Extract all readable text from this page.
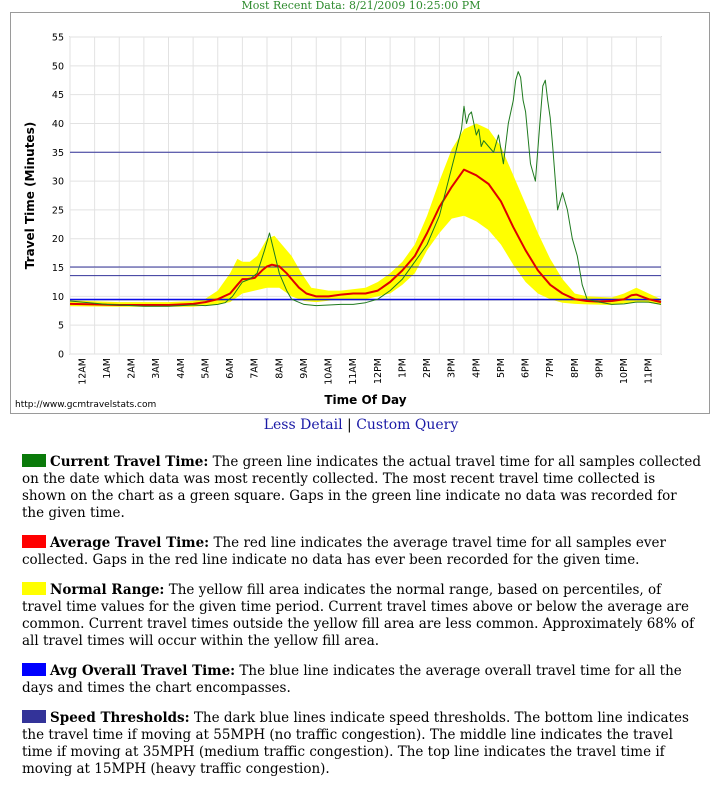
Most Recent Data: 8/21/2009 10:25:00 PM
0
5
10
15
20
25
30
35
40
45
50
55
12AM 1AM 2AM 3AM 4AM 5AM 6AM 7AM 8AM 9AM 10AM 11AM 12PM 1PM 2PM 3PM 4PM 5PM 6PM 7PM 8PM 9PM 10PM 11PM
Time Of Day
Travel Time (Minutes)
http://www.gcmtravelstats.com
Less Detail | Custom Query
Current Travel Time: The green line indicates the actual travel time for all samples collected on the date which data was most recently collected. The most recent travel time collected is shown on the chart as a green square. Gaps in the green line indicate no data was recorded for the given time.
Average Travel Time: The red line indicates the average travel time for all samples ever collected. Gaps in the red line indicate no data has ever been recorded for the given time.
Normal Range: The yellow fill area indicates the normal range, based on percentiles, of travel time values for the given time period. Current travel times above or below the average are common. Current travel times outside the yellow fill area are less common. Approximately 68% of all travel times will occur within the yellow fill area.
Avg Overall Travel Time: The blue line indicates the average overall travel time for all the days and times the chart encompasses.
Speed Thresholds: The dark blue lines indicate speed thresholds. The bottom line indicates the travel time if moving at 55MPH (no traffic congestion). The middle line indicates the travel time if moving at 35MPH (medium traffic congestion). The top line indicates the travel time if moving at 15MPH (heavy traffic congestion).
